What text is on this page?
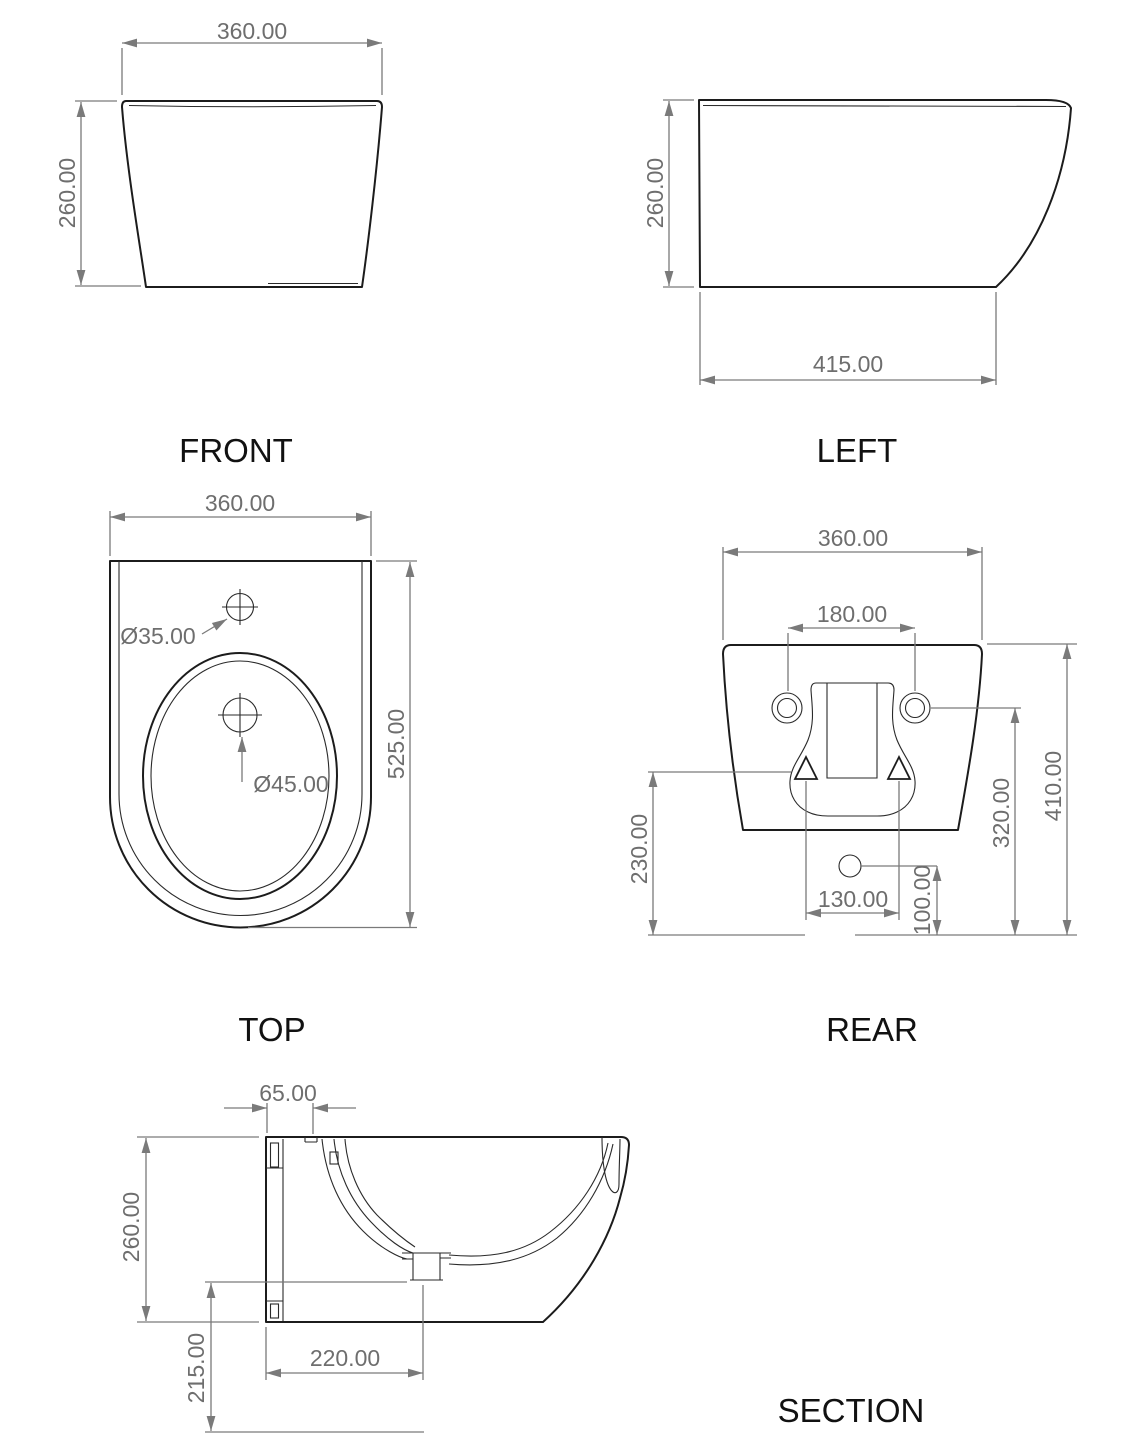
360.00
260.00
FRONT
260.00
415.00
LEFT
Ø35.00
Ø45.00
360.00
525.00
TOP
360.00
180.00
230.00
130.00 100.00
320.00 410.00
REAR
65.00
260.00
215.00	220.00
SECTION
